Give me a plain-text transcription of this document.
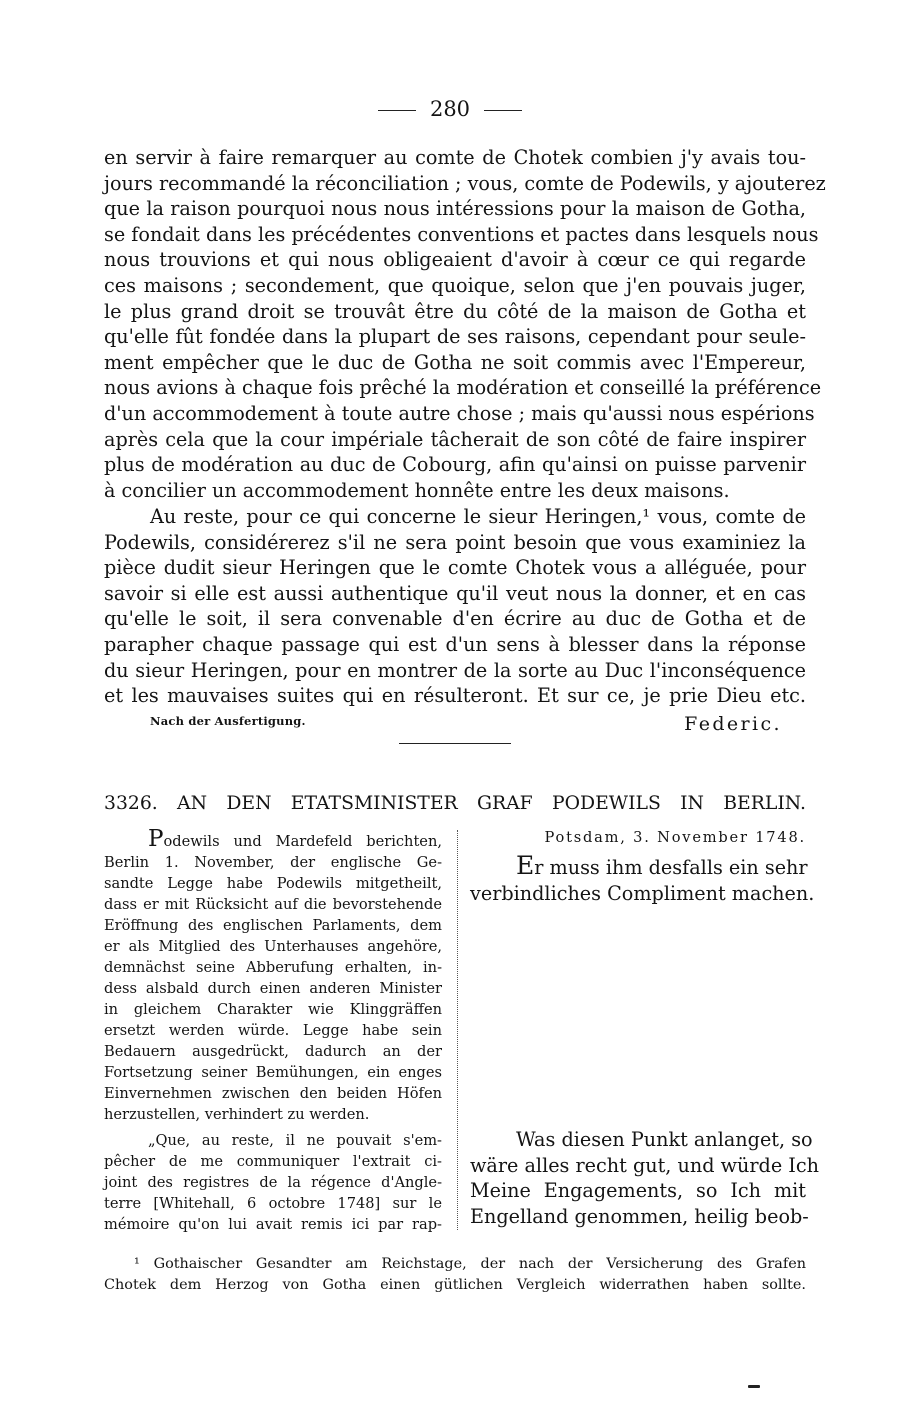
280

en servir à faire remarquer au comte de Chotek combien j'y avais tou-
jours recommandé la réconciliation ; vous, comte de Podewils, y ajouterez
que la raison pourquoi nous nous intéressions pour la maison de Gotha,
se fondait dans les précédentes conventions et pactes dans lesquels nous
nous trouvions et qui nous obligeaient d'avoir à cœur ce qui regarde
ces maisons ; secondement, que quoique, selon que j'en pouvais juger,
le plus grand droit se trouvât être du côté de la maison de Gotha et
qu'elle fût fondée dans la plupart de ses raisons, cependant pour seule-
ment empêcher que le duc de Gotha ne soit commis avec l'Empereur,
nous avions à chaque fois prêché la modération et conseillé la préférence
d'un accommodement à toute autre chose ; mais qu'aussi nous espérions
après cela que la cour impériale tâcherait de son côté de faire inspirer
plus de modération au duc de Cobourg, afin qu'ainsi on puisse parvenir
à concilier un accommodement honnête entre les deux maisons.

Au reste, pour ce qui concerne le sieur Heringen,¹ vous, comte de
Podewils, considérerez s'il ne sera point besoin que vous examiniez la
pièce dudit sieur Heringen que le comte Chotek vous a alléguée, pour
savoir si elle est aussi authentique qu'il veut nous la donner, et en cas
qu'elle le soit, il sera convenable d'en écrire au duc de Gotha et de
parapher chaque passage qui est d'un sens à blesser dans la réponse
du sieur Heringen, pour en montrer de la sorte au Duc l'inconséquence
et les mauvaises suites qui en résulteront. Et sur ce, je prie Dieu etc.

Nach der Ausfertigung.	Federic.
3326. AN DEN ETATSMINISTER GRAF PODEWILS IN BERLIN.
Podewils und Mardefeld berichten,
Berlin 1. November, der englische Ge-
sandte Legge habe Podewils mitgetheilt,
dass er mit Rücksicht auf die bevorstehende
Eröffnung des englischen Parlaments, dem
er als Mitglied des Unterhauses angehöre,
demnächst seine Abberufung erhalten, in-
dess alsbald durch einen anderen Minister
in gleichem Charakter wie Klinggräffen
ersetzt werden würde. Legge habe sein
Bedauern ausgedrückt, dadurch an der
Fortsetzung seiner Bemühungen, ein enges
Einvernehmen zwischen den beiden Höfen
herzustellen, verhindert zu werden.
„Que, au reste, il ne pouvait s'em-
pêcher de me communiquer l'extrait ci-
joint des registres de la régence d'Angle-
terre [Whitehall, 6 octobre 1748] sur le
mémoire qu'on lui avait remis ici par rap-
Potsdam, 3. November 1748.
Er muss ihm desfalls ein sehr
verbindliches Compliment machen.
Was diesen Punkt anlanget, so
wäre alles recht gut, und würde Ich
Meine Engagements, so Ich mit
Engelland genommen, heilig beob-
¹ Gothaischer Gesandter am Reichstage, der nach der Versicherung des Grafen
Chotek dem Herzog von Gotha einen gütlichen Vergleich widerrathen haben sollte.
